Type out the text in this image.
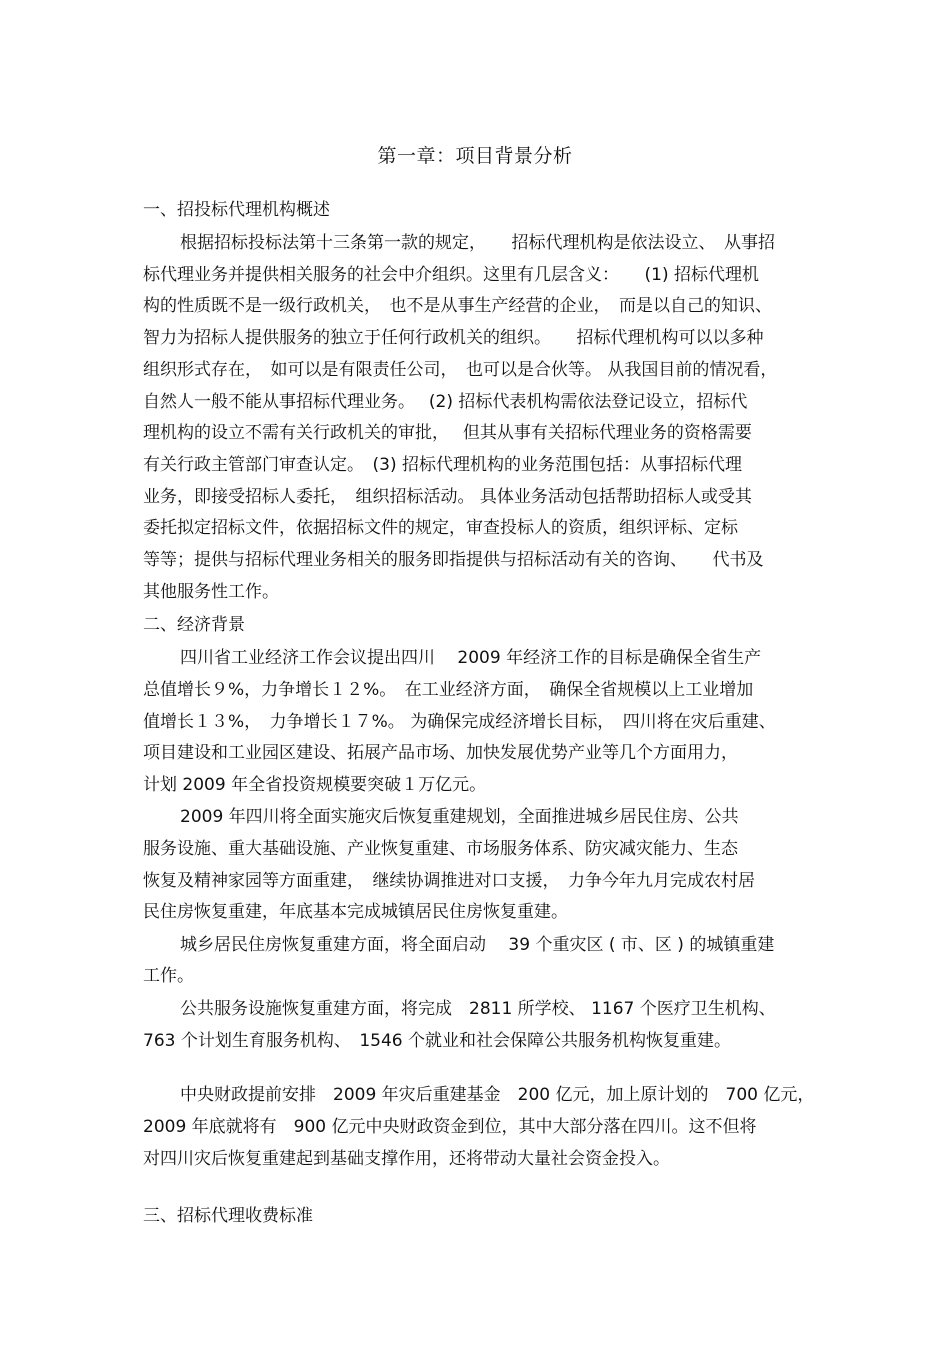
第一章：项目背景分析
一、招投标代理机构概述
根据招标投标法第十三条第一款的规定，　　招标代理机构是依法设立、　从事招
标代理业务并提供相关服务的社会中介组织。这里有几层含义：　　(1) 招标代理机
构的性质既不是一级行政机关，　也不是从事生产经营的企业，　而是以自己的知识、
智力为招标人提供服务的独立于任何行政机关的组织。　　招标代理机构可以以多种
组织形式存在，　如可以是有限责任公司，　也可以是合伙等。 从我国目前的情况看，
自然人一般不能从事招标代理业务。　 (2) 招标代表机构需依法登记设立，招标代
理机构的设立不需有关行政机关的审批，　 但其从事有关招标代理业务的资格需要
有关行政主管部门审查认定。　(3) 招标代理机构的业务范围包括：从事招标代理
业务，即接受招标人委托，　组织招标活动。 具体业务活动包括帮助招标人或受其
委托拟定招标文件，依据招标文件的规定，审查投标人的资质，组织评标、定标
等等；提供与招标代理业务相关的服务即指提供与招标活动有关的咨询、　　代书及
其他服务性工作。
二、经济背景
四川省工业经济工作会议提出四川　 2009 年经济工作的目标是确保全省生产
总值增长９%，力争增长１２%。　在工业经济方面，　确保全省规模以上工业增加
值增长１３%，　力争增长１７%。 为确保完成经济增长目标，　四川将在灾后重建、
项目建设和工业园区建设、拓展产品市场、加快发展优势产业等几个方面用力，
计划 2009 年全省投资规模要突破１万亿元。
2009 年四川将全面实施灾后恢复重建规划，全面推进城乡居民住房、公共
服务设施、重大基础设施、产业恢复重建、市场服务体系、防灾减灾能力、生态
恢复及精神家园等方面重建，　继续协调推进对口支援，　力争今年九月完成农村居
民住房恢复重建，年底基本完成城镇居民住房恢复重建。
城乡居民住房恢复重建方面，将全面启动　 39 个重灾区 ( 市、区 ) 的城镇重建
工作。
公共服务设施恢复重建方面，将完成　2811 所学校、 1167 个医疗卫生机构、
763 个计划生育服务机构、　1546 个就业和社会保障公共服务机构恢复重建。
中央财政提前安排　2009 年灾后重建基金　200 亿元，加上原计划的　700 亿元，
2009 年底就将有　900 亿元中央财政资金到位，其中大部分落在四川。这不但将
对四川灾后恢复重建起到基础支撑作用，还将带动大量社会资金投入。
三、招标代理收费标准
